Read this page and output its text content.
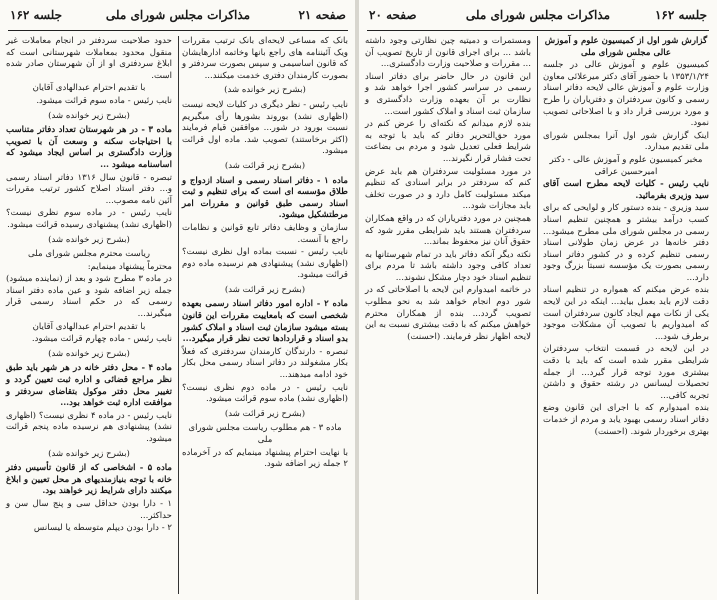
صفحه ۲۱
مذاکرات مجلس شورای ملی
جلسه ۱۶۲

بانک که مساعی لایحه‌ای بانک ترتیب مقررات ویک آئیننامه های راجع بانها وخاتمه ادارهایشان که قانون اساسیمی و سپس بصورت سردفتر و بصورت کارمندان دفتری خدمت میکنند...

(بشرح زیر خوانده شد)

نایب رئیس - نظر دیگری در کلیات لایحه نیست (اظهاری نشد) بوروند بشورها رأی میگیریم نسبت بورود در شور... موافقین قیام فرمایند (اکثر برخاستند) تصویب شد. ماده اول قرائت میشود.

(بشرح زیر قرائت شد)

ماده ۱ - دفاتر اسناد رسمی و اسناد ازدواج و طلاق مؤسسه ای است که برای تنظیم و ثبت اسناد رسمی طبق قوانین و مقررات امر مرطتشکیل میشود.

سازمان و وظایف دفاتر تابع قوانین و نظامات راجع با آنست.

نایب رئیس - نسبت بماده اول نظری نیست؟ (اظهاری نشد) پیشنهادی هم نرسیده ماده دوم قرائت میشود.

(بشرح زیر قرائت شد)

ماده ۲ - اداره امور دفاتر اسناد رسمی بعهده شخصی است که بامعاییت مقررات این قانون بسته میشود سازمان ثبت اسناد و املاک کشور بدو اسناد و قراردادها تحت نظر قرار میگیرد...

تبصره - دارندگان کارمندان سردفتری که فعلاً بکار مشغولند در دفاتر اسناد رسمی محل بکار خود ادامه میدهند...

نایب رئیس - در ماده دوم نظری نیست؟ (اظهاری نشد) ماده سوم قرائت میشود.

(بشرح زیر قرائت شد)

ماده ۳ - هم مطلوب ریاست مجلس شورای ملی

با نهایت احترام پیشنهاد مینمایم که در آخرماده ۲ جمله زیر اضافه شود.

حدود صلاحیت سردفتر در انجام معاملات غیر منقول محدود بمعاملات شهرستانی است که ابلاغ سردفتری او از آن شهرستان صادر شده است.

با تقدیم احترام عبدالهادی آقایان

نایب رئیس - ماده سوم قرائت میشود.

(بشرح زیر خوانده شد)

ماده ۳ - در هر شهرستان تعداد دفاتر متناسب با احتیاجات سکنه و وسعت آن با تصویب وزارت دادگستری بر اساس ایجاد میشود که اساسنامه میشود ...

تبصره - قانون سال ۱۳۱۶ دفاتر اسناد رسمی و... دفتر استاد اصلاح کشور ترتیب مقررات آئین نامه مصوب...

نایب رئیس - در ماده سوم نظری نیست؟ (اظهاری نشد) پیشنهادی رسیده قرائت میشود.

(بشرح زیر خوانده شد)

ریاست محترم مجلس شورای ملی

محترماً پیشنهاد مینمایم:

در ماده ۳ مطرح شود و بعد از (نماینده میشود) جمله زیر اضافه شود و عین ماده دفتر اسناد رسمی که در حکم اسناد رسمی قرار میگیرند...

با تقدیم احترام عبدالهادی آقایان

نایب رئیس - ماده چهارم قرائت میشود.

(بشرح زیر خوانده شد)

ماده ۴ - محل دفتر خانه در هر شهر باید طبق نظر مراجع قضائی و اداره ثبت تعیین گردد و تغییر محل دفتر موکول بتقاضای سردفتر و موافقت اداره ثبت خواهد بود...

نایب رئیس - در ماده ۴ نظری نیست؟ (اظهاری نشد) پیشنهادی هم نرسیده ماده پنجم قرائت میشود.

(بشرح زیر خوانده شد)

ماده ۵ - اشخاصی که از قانون تأسیس دفتر خانه با توجه بنیازمندیهای هر محل تعیین و ابلاغ میکنند دارای شرایط زیر خواهند بود.

۱ - دارا بودن حداقل سی و پنج سال سن و حداکثر...

۲ - دارا بودن دیپلم متوسطه یا لیسانس

جلسه ۱۶۲
مذاکرات مجلس شورای ملی
صفحه ۲۰

گزارش شور اول از کمیسیون علوم و آموزش عالی مجلس شورای ملی

کمیسیون علوم و آموزش عالی در جلسه ۱۳۵۳/۱/۲۴ با حضور آقای دکتر میرعلائی معاون وزارت علوم و آموزش عالی لایحه دفاتر اسناد رسمی و کانون سردفتران و دفتریاران را طرح و مورد بررسی قرار داد و با اصلاحاتی تصویب نمود.

اینک گزارش شور اول آنرا بمجلس شورای ملی تقدیم میدارد.

مخبر کمیسیون علوم و آموزش عالی - دکتر امیرحسین عراقی

نایب رئیس - کلیات لایحه مطرح است آقای سید وزیری بفرمائید.

سید وزیری - بنده دستور کار و لوایحی که برای کسب درآمد بیشتر و همچنین تنظیم اسناد رسمی در مجلس شورای ملی مطرح میشود... دفتر خانه‌ها در عرض زمان طولانی اسناد رسمی تنظیم کرده و در کشور دفاتر اسناد رسمی بصورت یک مؤسسه نسبتاً بزرگ وجود دارد...

بنده عرض میکنم که همواره در تنظیم اسناد دقت لازم باید بعمل بیاید... اینکه در این لایحه یکی از نکات مهم ایجاد کانون سردفتران است که امیدواریم با تصویب آن مشکلات موجود برطرف شود...

در این لایحه در قسمت انتخاب سردفتران شرایطی مقرر شده است که باید با دقت بیشتری مورد توجه قرار گیرد... از جمله تحصیلات لیسانس در رشته حقوق و داشتن تجربه کافی...

بنده امیدوارم که با اجرای این قانون وضع دفاتر اسناد رسمی بهبود یابد و مردم از خدمات بهتری برخوردار شوند. (احسنت)

ومستمرات و دمیتیه چین نظارتی وجود داشته باشد ... برای اجرای قانون از تاریخ تصویب آن ... مقررات و صلاحیت وزارت دادگستری...

این قانون در حال حاضر برای دفاتر اسناد رسمی در سراسر کشور اجرا خواهد شد و نظارت بر آن بعهده وزارت دادگستری و سازمان ثبت اسناد و املاک کشور است...

بنده لازم میدانم که نکته‌ای را عرض کنم در مورد حق‌التحریر دفاتر که باید با توجه به شرایط فعلی تعدیل شود و مردم بی بضاعت تحت فشار قرار نگیرند...

در مورد مسئولیت سردفتران هم باید عرض کنم که سردفتر در برابر اسنادی که تنظیم میکند مسئولیت کامل دارد و در صورت تخلف باید مجازات شود...

همچنین در مورد دفتریاران که در واقع همکاران سردفتران هستند باید شرایطی مقرر شود که حقوق آنان نیز محفوظ بماند...

نکته دیگر آنکه دفاتر باید در تمام شهرستانها به تعداد کافی وجود داشته باشد تا مردم برای تنظیم اسناد خود دچار مشکل نشوند...

در خاتمه امیدوارم این لایحه با اصلاحاتی که در شور دوم انجام خواهد شد به نحو مطلوب تصویب گردد... بنده از همکاران محترم خواهش میکنم که با دقت بیشتری نسبت به این لایحه اظهار نظر فرمایند. (احسنت)
